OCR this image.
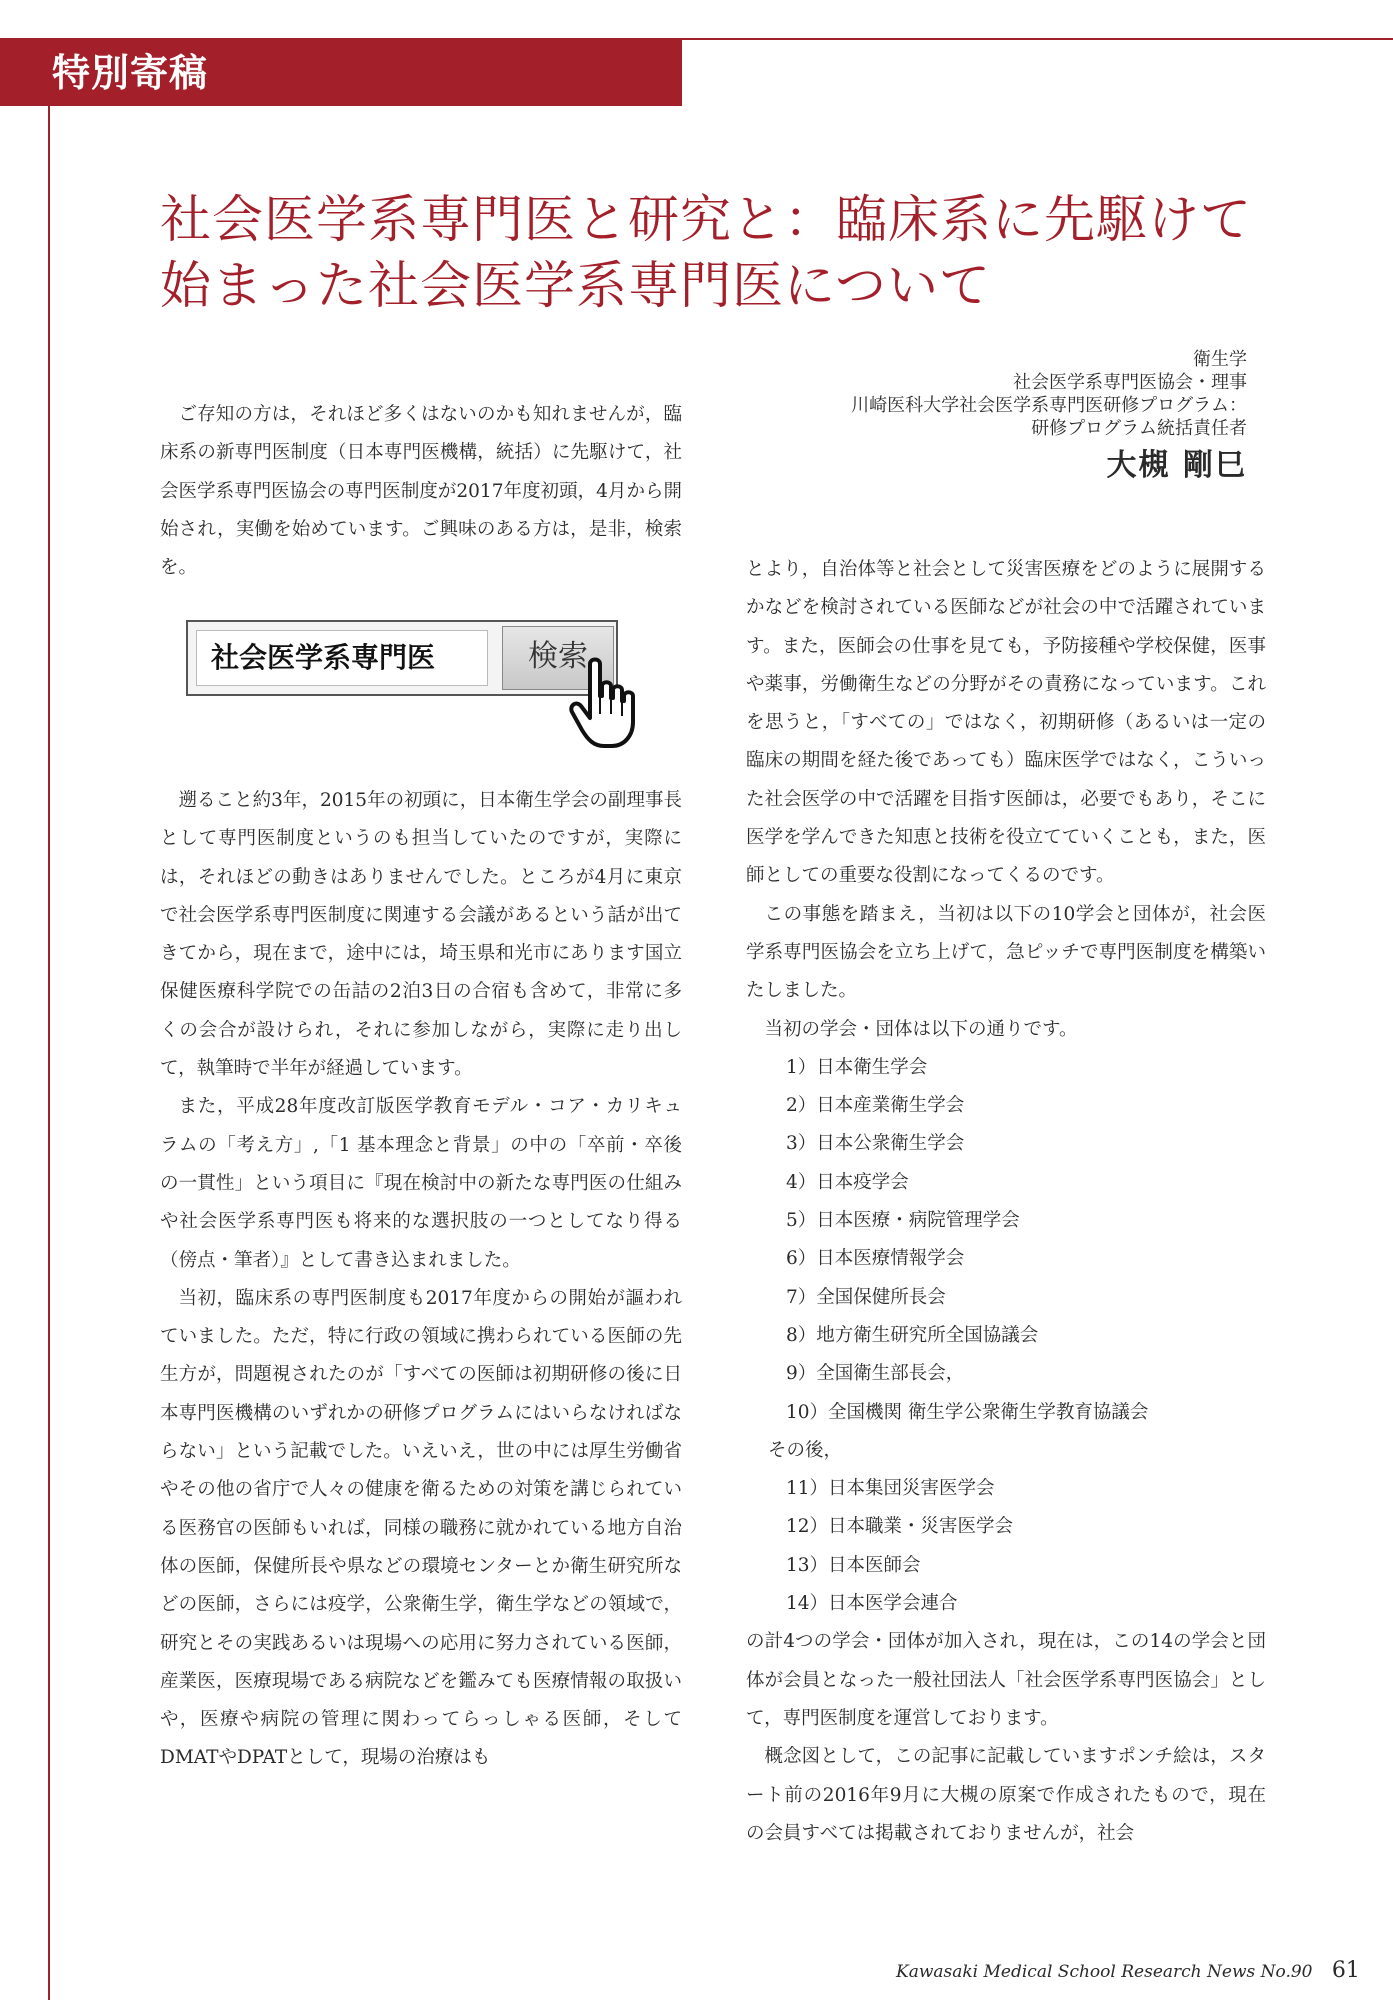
特別寄稿
社会医学系専門医と研究と：臨床系に先駆けて
始まった社会医学系専門医について
衛生学
社会医学系専門医協会・理事
川崎医科大学社会医学系専門医研修プログラム：
研修プログラム統括責任者
大槻 剛巳

ご存知の方は，それほど多くはないのかも知れませんが，臨床系の新専門医制度（日本専門医機構，統括）に先駆けて，社会医学系専門医協会の専門医制度が2017年度初頭，4月から開始され，実働を始めています。ご興味のある方は，是非，検索を。

社会医学系専門医	検索

遡ること約3年，2015年の初頭に，日本衛生学会の副理事長として専門医制度というのも担当していたのですが，実際には，それほどの動きはありませんでした。ところが4月に東京で社会医学系専門医制度に関連する会議があるという話が出てきてから，現在まで，途中には，埼玉県和光市にあります国立保健医療科学院での缶詰の2泊3日の合宿も含めて，非常に多くの会合が設けられ，それに参加しながら，実際に走り出して，執筆時で半年が経過しています。

また，平成28年度改訂版医学教育モデル・コア・カリキュラムの「考え方」,「1 基本理念と背景」の中の「卒前・卒後の一貫性」という項目に『現在検討中の新たな専門医の仕組みや社会医学系専門医も将来的な選択肢の一つとしてなり得る（傍点・筆者）』として書き込まれました。

当初，臨床系の専門医制度も2017年度からの開始が謳われていました。ただ，特に行政の領域に携わられている医師の先生方が，問題視されたのが「すべての医師は初期研修の後に日本専門医機構のいずれかの研修プログラムにはいらなければならない」という記載でした。いえいえ，世の中には厚生労働省やその他の省庁で人々の健康を衛るための対策を講じられている医務官の医師もいれば，同様の職務に就かれている地方自治体の医師，保健所長や県などの環境センターとか衛生研究所などの医師，さらには疫学，公衆衛生学，衛生学などの領域で，研究とその実践あるいは現場への応用に努力されている医師，産業医，医療現場である病院などを鑑みても医療情報の取扱いや，医療や病院の管理に関わってらっしゃる医師，そしてDMATやDPATとして，現場の治療はも

とより，自治体等と社会として災害医療をどのように展開するかなどを検討されている医師などが社会の中で活躍されています。また，医師会の仕事を見ても，予防接種や学校保健，医事や薬事，労働衛生などの分野がその責務になっています。これを思うと，「すべての」ではなく，初期研修（あるいは一定の臨床の期間を経た後であっても）臨床医学ではなく，こういった社会医学の中で活躍を目指す医師は，必要でもあり，そこに医学を学んできた知恵と技術を役立てていくことも，また，医師としての重要な役割になってくるのです。

この事態を踏まえ，当初は以下の10学会と団体が，社会医学系専門医協会を立ち上げて，急ピッチで専門医制度を構築いたしました。

当初の学会・団体は以下の通りです。

1）日本衛生学会
2）日本産業衛生学会
3）日本公衆衛生学会
4）日本疫学会
5）日本医療・病院管理学会
6）日本医療情報学会
7）全国保健所長会
8）地方衛生研究所全国協議会
9）全国衛生部長会，
10）全国機関 衛生学公衆衛生学教育協議会
その後，
11）日本集団災害医学会
12）日本職業・災害医学会
13）日本医師会
14）日本医学会連合

の計4つの学会・団体が加入され，現在は，この14の学会と団体が会員となった一般社団法人「社会医学系専門医協会」として，専門医制度を運営しております。

概念図として，この記事に記載していますポンチ絵は，スタート前の2016年9月に大槻の原案で作成されたもので，現在の会員すべては掲載されておりませんが，社会

Kawasaki Medical School Research News No.90 61
